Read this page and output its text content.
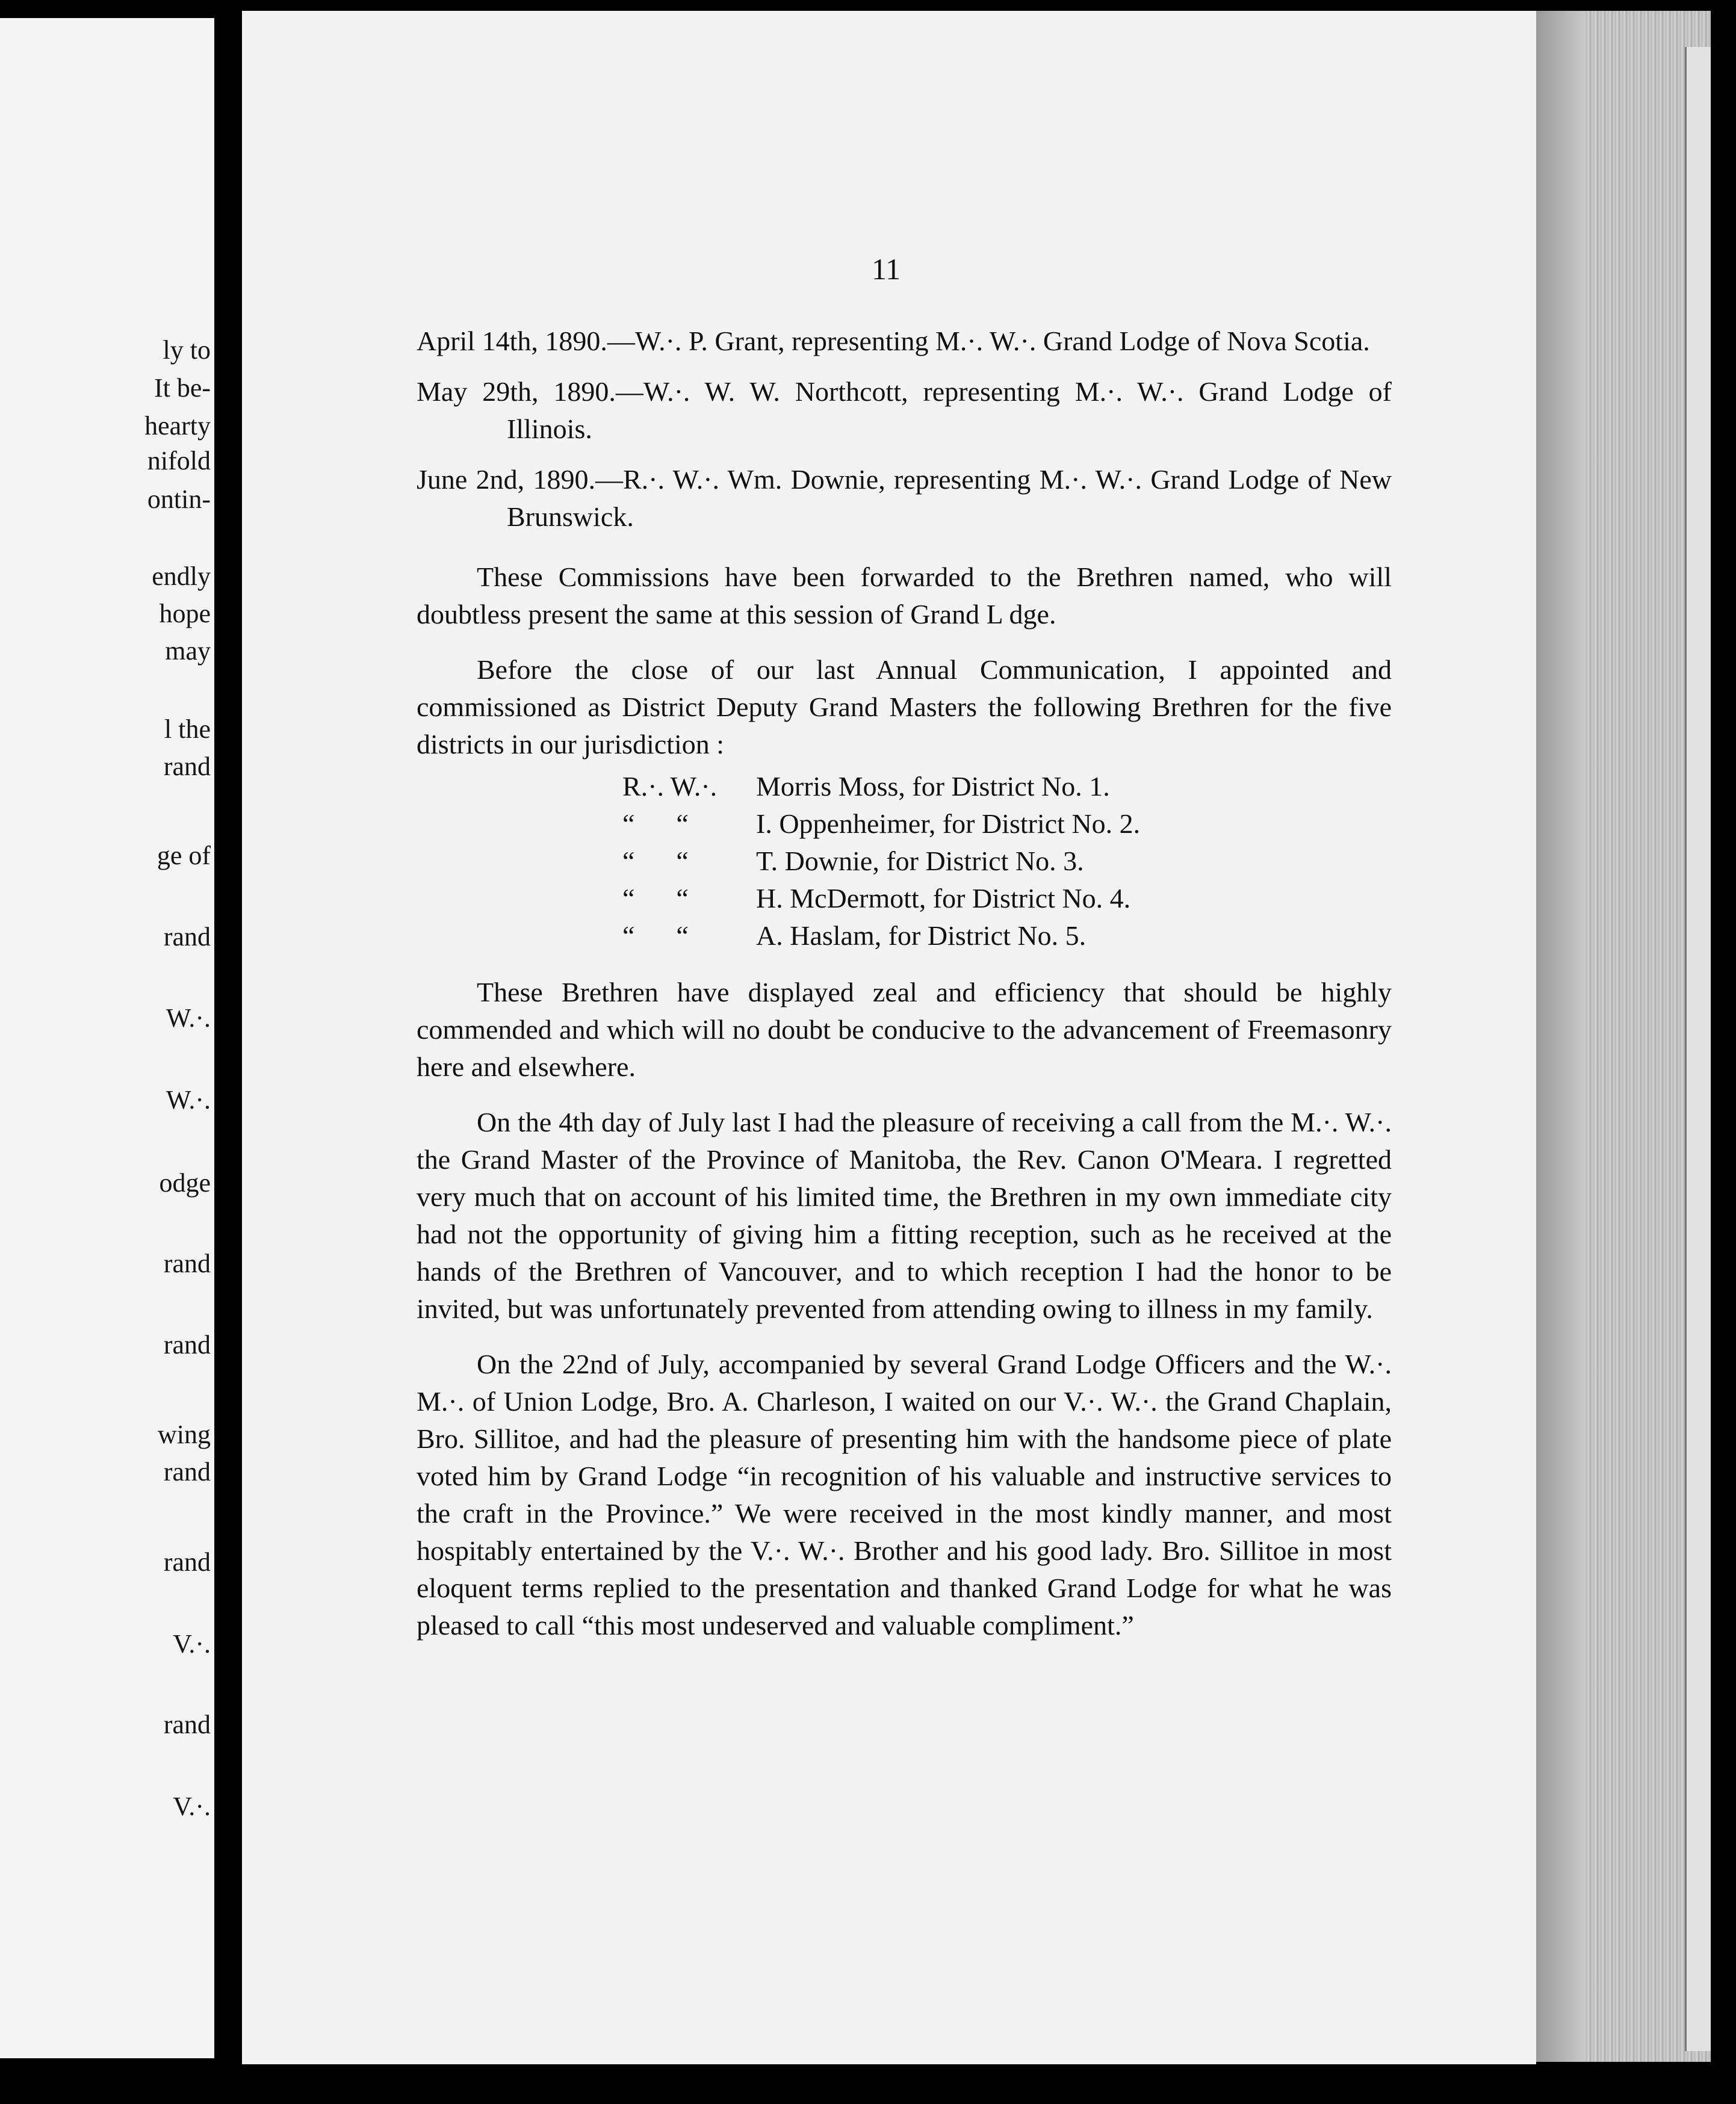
ly to
It be-
hearty
nifold
ontin-
endly
hope
may
l the
rand
ge of
rand
W.·.
W.·.
odge
rand
rand
wing
rand
rand
V.·.
rand
V.·.
11

April 14th, 1890.—W.·. P. Grant, representing M.·. W.·. Grand Lodge of Nova Scotia.

May 29th, 1890.—W.·. W. W. Northcott, representing M.·. W.·. Grand Lodge of Illinois.

June 2nd, 1890.—R.·. W.·. Wm. Downie, representing M.·. W.·. Grand Lodge of New Brunswick.

These Commissions have been forwarded to the Brethren named, who will doubtless present the same at this session of Grand L dge.

Before the close of our last Annual Communication, I appointed and commissioned as District Deputy Grand Masters the following Brethren for the five districts in our jurisdiction :

R.·. W.·. Morris Moss, for District No. 1.
“      “ I. Oppenheimer, for District No. 2.
“      “ T. Downie, for District No. 3.
“      “ H. McDermott, for District No. 4.
“      “ A. Haslam, for District No. 5.

These Brethren have displayed zeal and efficiency that should be highly commended and which will no doubt be conducive to the advancement of Freemasonry here and elsewhere.

On the 4th day of July last I had the pleasure of receiving a call from the M.·. W.·. the Grand Master of the Province of Manitoba, the Rev. Canon O'Meara. I regretted very much that on account of his limited time, the Brethren in my own immediate city had not the opportunity of giving him a fitting reception, such as he received at the hands of the Brethren of Vancouver, and to which reception I had the honor to be invited, but was unfortunately prevented from attending owing to illness in my family.

On the 22nd of July, accompanied by several Grand Lodge Officers and the W.·. M.·. of Union Lodge, Bro. A. Charleson, I waited on our V.·. W.·. the Grand Chaplain, Bro. Sillitoe, and had the pleasure of presenting him with the handsome piece of plate voted him by Grand Lodge “in recognition of his valuable and instructive services to the craft in the Province.” We were received in the most kindly manner, and most hospitably entertained by the V.·. W.·. Brother and his good lady. Bro. Sillitoe in most eloquent terms replied to the presentation and thanked Grand Lodge for what he was pleased to call “this most undeserved and valuable compliment.”
